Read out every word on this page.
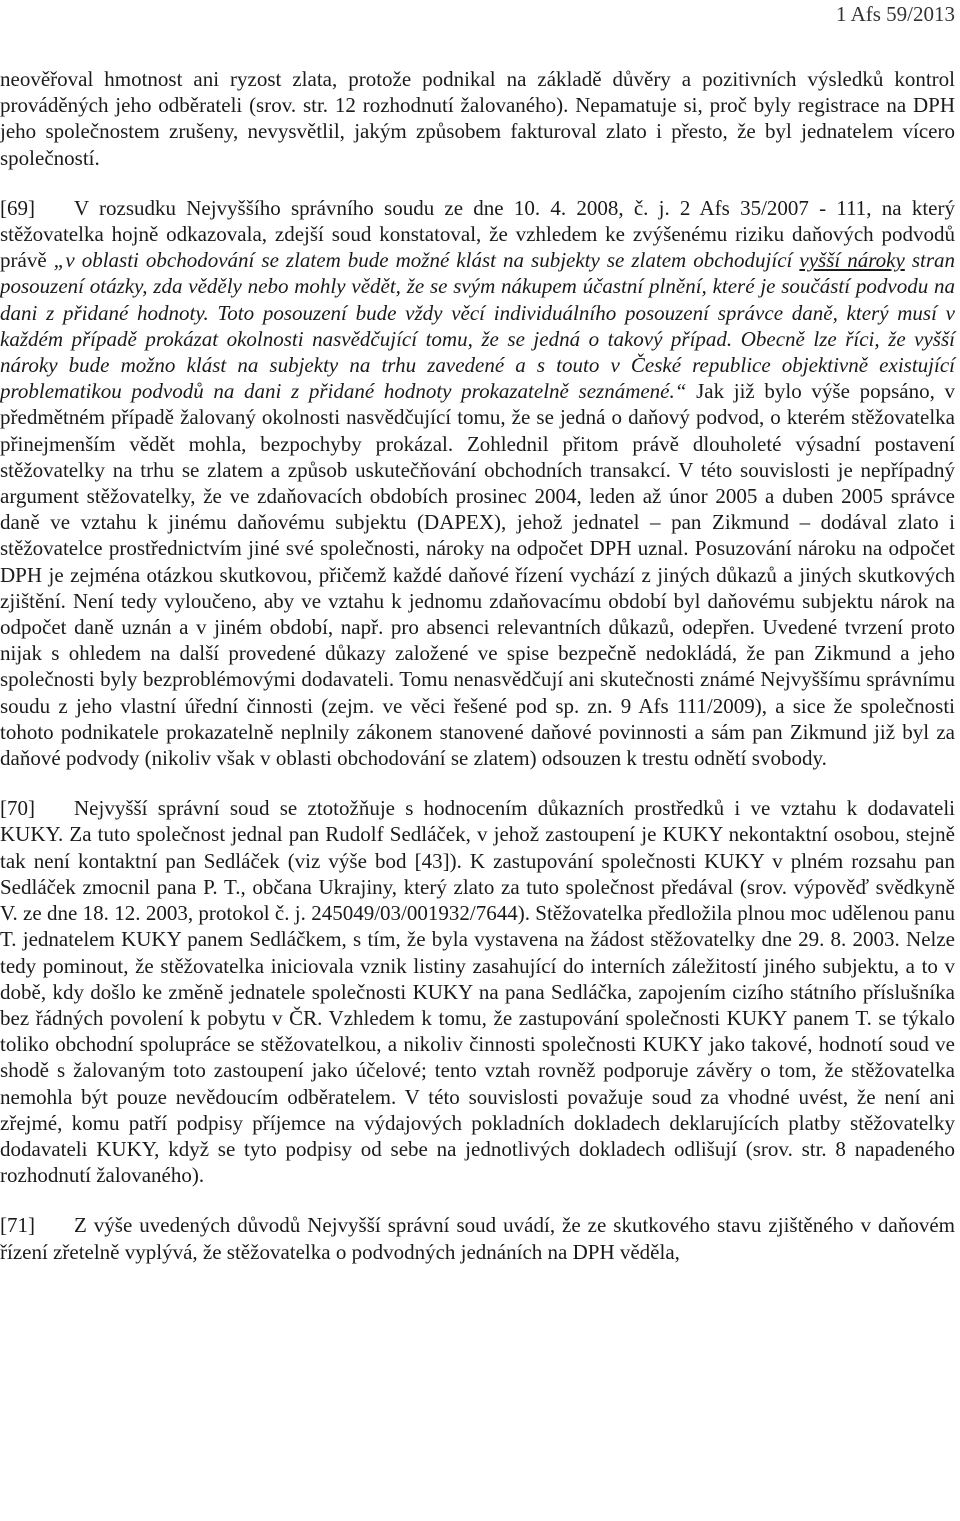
1 Afs 59/2013

neověřoval hmotnost ani ryzost zlata, protože podnikal na základě důvěry a pozitivních výsledků kontrol prováděných jeho odběrateli (srov. str. 12 rozhodnutí žalovaného). Nepamatuje si, proč byly registrace na DPH jeho společnostem zrušeny, nevysvětlil, jakým způsobem fakturoval zlato i přesto, že byl jednatelem vícero společností.

[69] V rozsudku Nejvyššího správního soudu ze dne 10. 4. 2008, č. j. 2 Afs 35/2007 - 111, na který stěžovatelka hojně odkazovala, zdejší soud konstatoval, že vzhledem ke zvýšenému riziku daňových podvodů právě „v oblasti obchodování se zlatem bude možné klást na subjekty se zlatem obchodující vyšší nároky stran posouzení otázky, zda věděly nebo mohly vědět, že se svým nákupem účastní plnění, které je součástí podvodu na dani z přidané hodnoty. Toto posouzení bude vždy věcí individuálního posouzení správce daně, který musí v každém případě prokázat okolnosti nasvědčující tomu, že se jedná o takový případ. Obecně lze říci, že vyšší nároky bude možno klást na subjekty na trhu zavedené a s touto v České republice objektivně existující problematikou podvodů na dani z přidané hodnoty prokazatelně seznámené.“ Jak již bylo výše popsáno, v předmětném případě žalovaný okolnosti nasvědčující tomu, že se jedná o daňový podvod, o kterém stěžovatelka přinejmenším vědět mohla, bezpochyby prokázal. Zohlednil přitom právě dlouholeté výsadní postavení stěžovatelky na trhu se zlatem a způsob uskutečňování obchodních transakcí. V této souvislosti je nepřípadný argument stěžovatelky, že ve zdaňovacích obdobích prosinec 2004, leden až únor 2005 a duben 2005 správce daně ve vztahu k jinému daňovému subjektu (DAPEX), jehož jednatel – pan Zikmund – dodával zlato i stěžovatelce prostřednictvím jiné své společnosti, nároky na odpočet DPH uznal. Posuzování nároku na odpočet DPH je zejména otázkou skutkovou, přičemž každé daňové řízení vychází z jiných důkazů a jiných skutkových zjištění. Není tedy vyloučeno, aby ve vztahu k jednomu zdaňovacímu období byl daňovému subjektu nárok na odpočet daně uznán a v jiném období, např. pro absenci relevantních důkazů, odepřen. Uvedené tvrzení proto nijak s ohledem na další provedené důkazy založené ve spise bezpečně nedokládá, že pan Zikmund a jeho společnosti byly bezproblémovými dodavateli. Tomu nenasvědčují ani skutečnosti známé Nejvyššímu správnímu soudu z jeho vlastní úřední činnosti (zejm. ve věci řešené pod sp. zn. 9 Afs 111/2009), a sice že společnosti tohoto podnikatele prokazatelně neplnily zákonem stanovené daňové povinnosti a sám pan Zikmund již byl za daňové podvody (nikoliv však v oblasti obchodování se zlatem) odsouzen k trestu odnětí svobody.

[70] Nejvyšší správní soud se ztotožňuje s hodnocením důkazních prostředků i ve vztahu k dodavateli KUKY. Za tuto společnost jednal pan Rudolf Sedláček, v jehož zastoupení je KUKY nekontaktní osobou, stejně tak není kontaktní pan Sedláček (viz výše bod [43]). K zastupování společnosti KUKY v plném rozsahu pan Sedláček zmocnil pana P. T., občana Ukrajiny, který zlato za tuto společnost předával (srov. výpověď svědkyně V. ze dne 18. 12. 2003, protokol č. j. 245049/03/001932/7644). Stěžovatelka předložila plnou moc udělenou panu T. jednatelem KUKY panem Sedláčkem, s tím, že byla vystavena na žádost stěžovatelky dne 29. 8. 2003. Nelze tedy pominout, že stěžovatelka iniciovala vznik listiny zasahující do interních záležitostí jiného subjektu, a to v době, kdy došlo ke změně jednatele společnosti KUKY na pana Sedláčka, zapojením cizího státního příslušníka bez řádných povolení k pobytu v ČR. Vzhledem k tomu, že zastupování společnosti KUKY panem T. se týkalo toliko obchodní spolupráce se stěžovatelkou, a nikoliv činnosti společnosti KUKY jako takové, hodnotí soud ve shodě s žalovaným toto zastoupení jako účelové; tento vztah rovněž podporuje závěry o tom, že stěžovatelka nemohla být pouze nevědoucím odběratelem. V této souvislosti považuje soud za vhodné uvést, že není ani zřejmé, komu patří podpisy příjemce na výdajových pokladních dokladech deklarujících platby stěžovatelky dodavateli KUKY, když se tyto podpisy od sebe na jednotlivých dokladech odlišují (srov. str. 8 napadeného rozhodnutí žalovaného).

[71] Z výše uvedených důvodů Nejvyšší správní soud uvádí, že ze skutkového stavu zjištěného v daňovém řízení zřetelně vyplývá, že stěžovatelka o podvodných jednáních na DPH věděla,
